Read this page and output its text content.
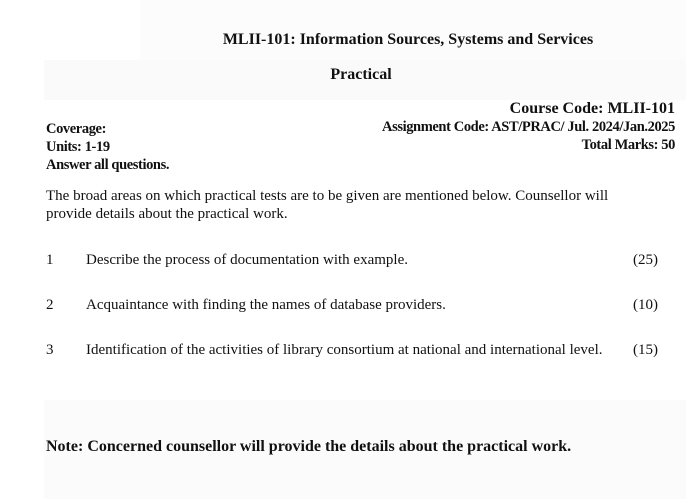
MLII-101: Information Sources, Systems and Services
Practical
Coverage:
Units: 1-19
Answer all questions.
Course Code: MLII-101
Assignment Code: AST/PRAC/ Jul. 2024/Jan.2025
Total Marks: 50
The broad areas on which practical tests are to be given are mentioned below. Counsellor will provide details about the practical work.
1 Describe the process of documentation with example.	(25)
2 Acquaintance with finding the names of database providers.	(10)
3 Identification of the activities of library consortium at national and international level.	(15)
Note: Concerned counsellor will provide the details about the practical work.
